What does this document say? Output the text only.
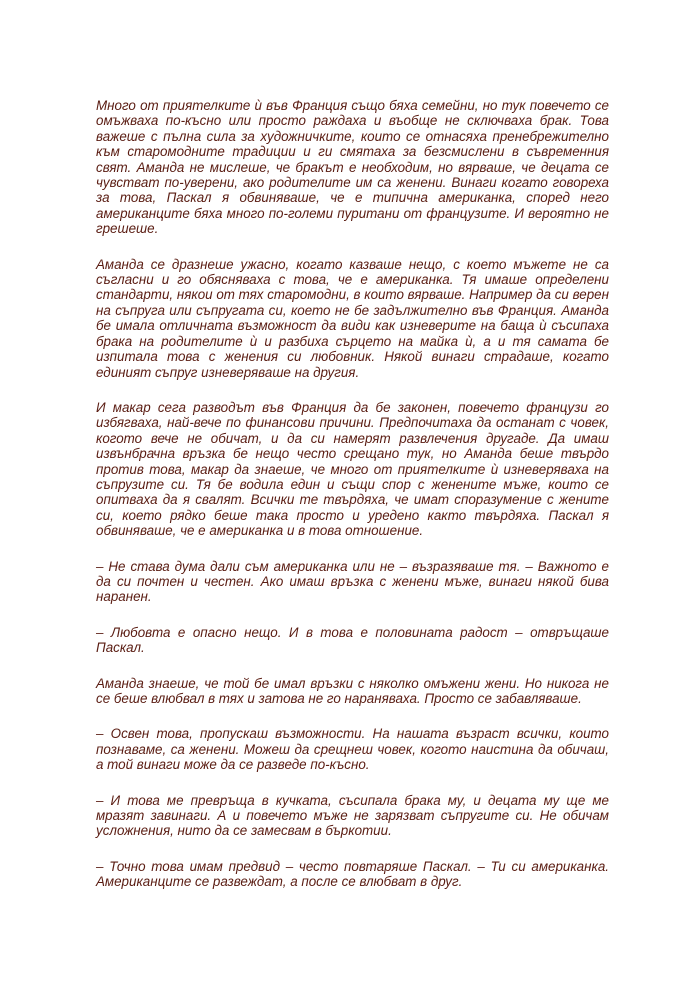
Много от приятелките ѝ във Франция също бяха семейни, но тук повечето се омъжваха по-късно или просто раждаха и въобще не сключваха брак. Това важеше с пълна сила за художничките, които се отнасяха пренебрежително към старомодните традиции и ги смятаха за безсмислени в съвременния свят. Аманда не мислеше, че бракът е необходим, но вярваше, че децата се чувстват по-уверени, ако родителите им са женени. Винаги когато говореха за това, Паскал я обвиняваше, че е типична американка, според него американците бяха много по-големи пуритани от французите. И вероятно не грешеше.

Аманда се дразнеше ужасно, когато казваше нещо, с което мъжете не са съгласни и го обясняваха с това, че е американка. Тя имаше определени стандарти, някои от тях старомодни, в които вярваше. Например да си верен на съпруга или съпругата си, което не бе задължително във Франция. Аманда бе имала отличната възможност да види как изневерите на баща ѝ съсипаха брака на родителите ѝ и разбиха сърцето на майка ѝ, а и тя самата бе изпитала това с женения си любовник. Някой винаги страдаше, когато единият съпруг изневеряваше на другия.

И макар сега разводът във Франция да бе законен, повечето французи го избягваха, най-вече по финансови причини. Предпочитаха да останат с човек, когото вече не обичат, и да си намерят развлечения другаде. Да имаш извънбрачна връзка бе нещо често срещано тук, но Аманда беше твърдо против това, макар да знаеше, че много от приятелките ѝ изневеряваха на съпрузите си. Тя бе водила един и същи спор с женените мъже, които се опитваха да я свалят. Всички те твърдяха, че имат споразумение с жените си, което рядко беше така просто и уредено както твърдяха. Паскал я обвиняваше, че е американка и в това отношение.

– Не става дума дали съм американка или не – възразяваше тя. – Важното е да си почтен и честен. Ако имаш връзка с женени мъже, винаги някой бива наранен.

– Любовта е опасно нещо. И в това е половината радост – отвръщаше Паскал.

Аманда знаеше, че той бе имал връзки с няколко омъжени жени. Но никога не се беше влюбвал в тях и затова не го нараняваха. Просто се забавляваше.

– Освен това, пропускаш възможности. На нашата възраст всички, които познаваме, са женени. Можеш да срещнеш човек, когото наистина да обичаш, а той винаги може да се разведе по-късно.

– И това ме превръща в кучката, съсипала брака му, и децата му ще ме мразят завинаги. А и повечето мъже не зарязват съпругите си. Не обичам усложнения, нито да се замесвам в бъркотии.

– Точно това имам предвид – често повтаряше Паскал. – Ти си американка. Американците се развеждат, а после се влюбват в друг.
